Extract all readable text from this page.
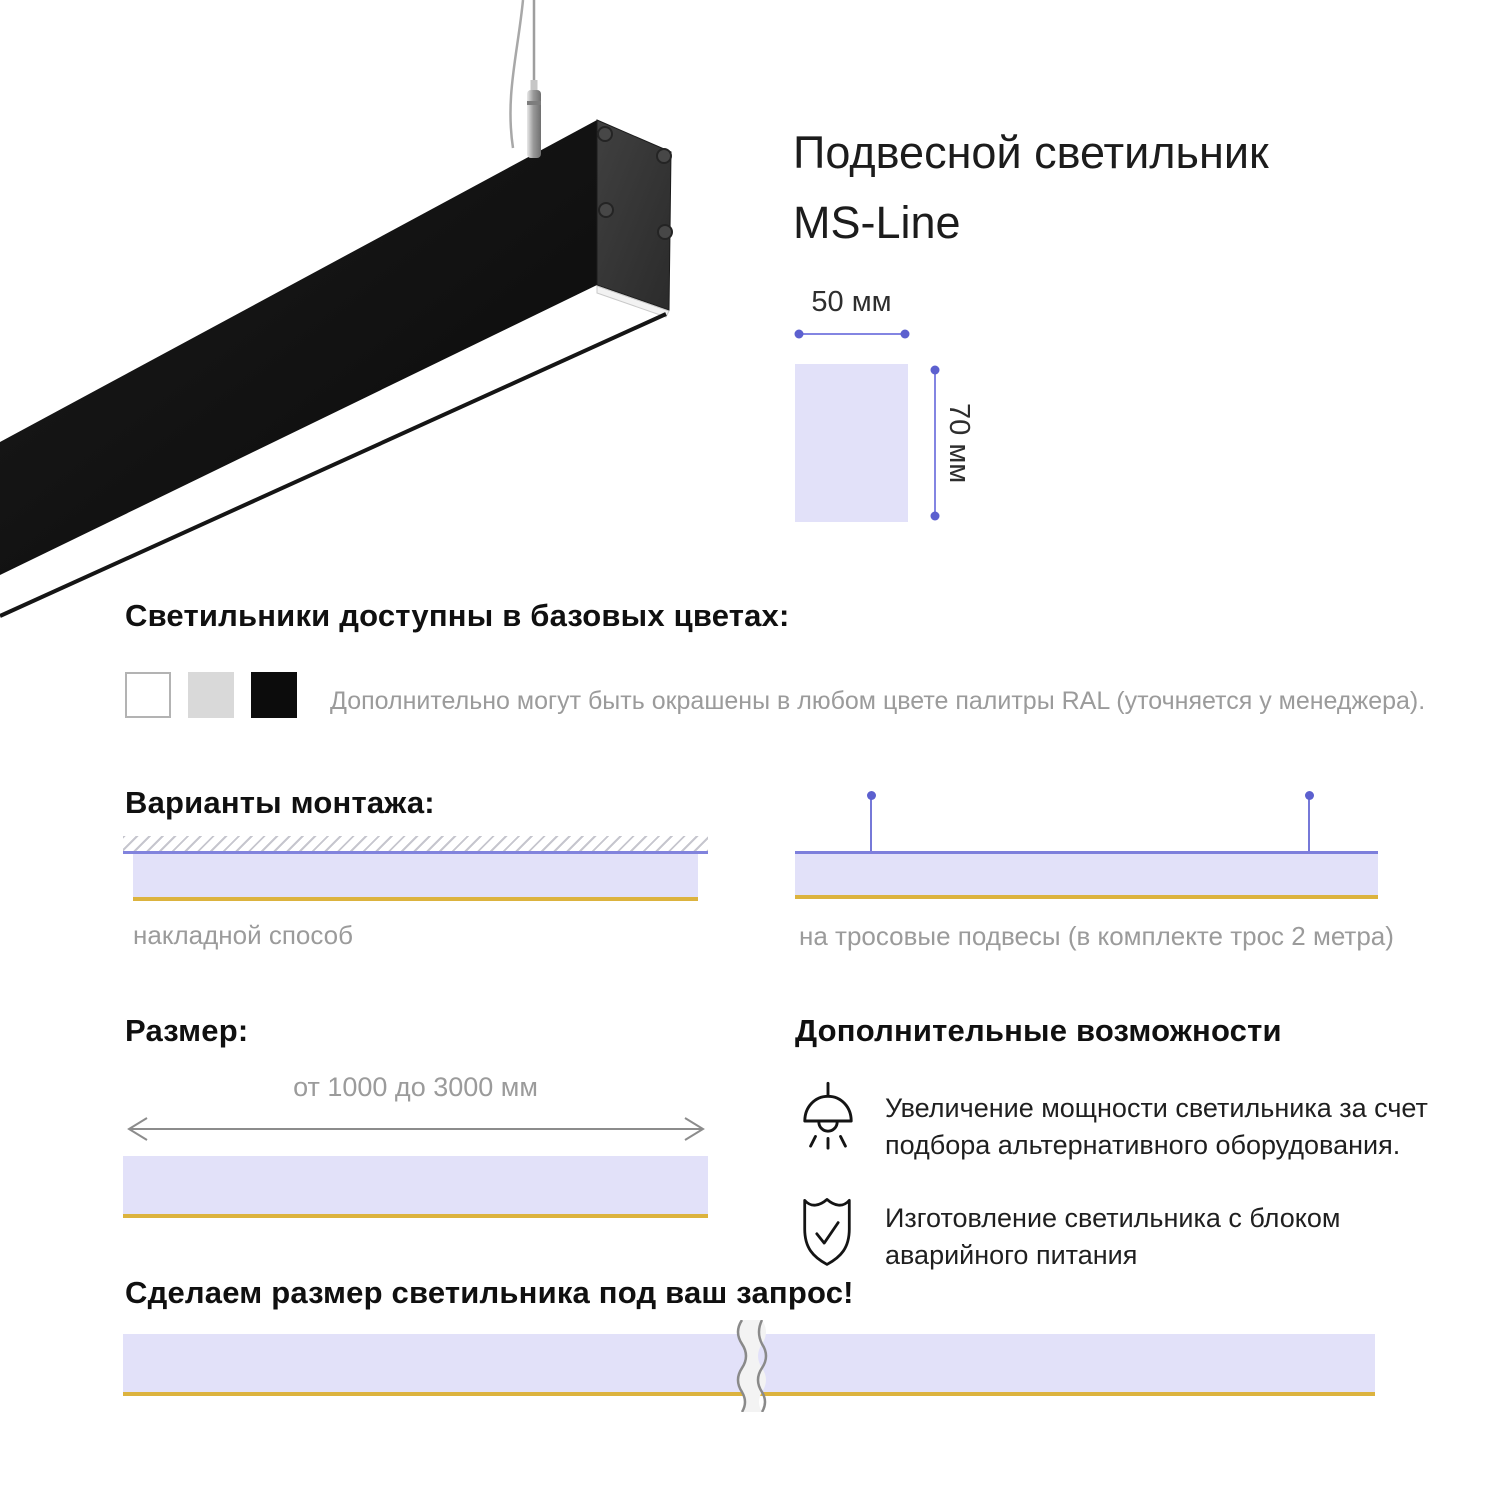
Подвесной светильник
MS-Line
50 мм
70 мм
Светильники доступны в базовых цветах:
Дополнительно могут быть окрашены в любом цвете палитры RAL (уточняется у менеджера).
Варианты монтажа:
накладной способ	на тросовые подвесы (в комплекте трос 2 метра)
Размер:
от 1000 до 3000 мм
Дополнительные возможности
Увеличение мощности светильника за счет
подбора альтернативного оборудования.
Изготовление светильника с блоком
аварийного питания
Сделаем размер светильника под ваш запрос!
